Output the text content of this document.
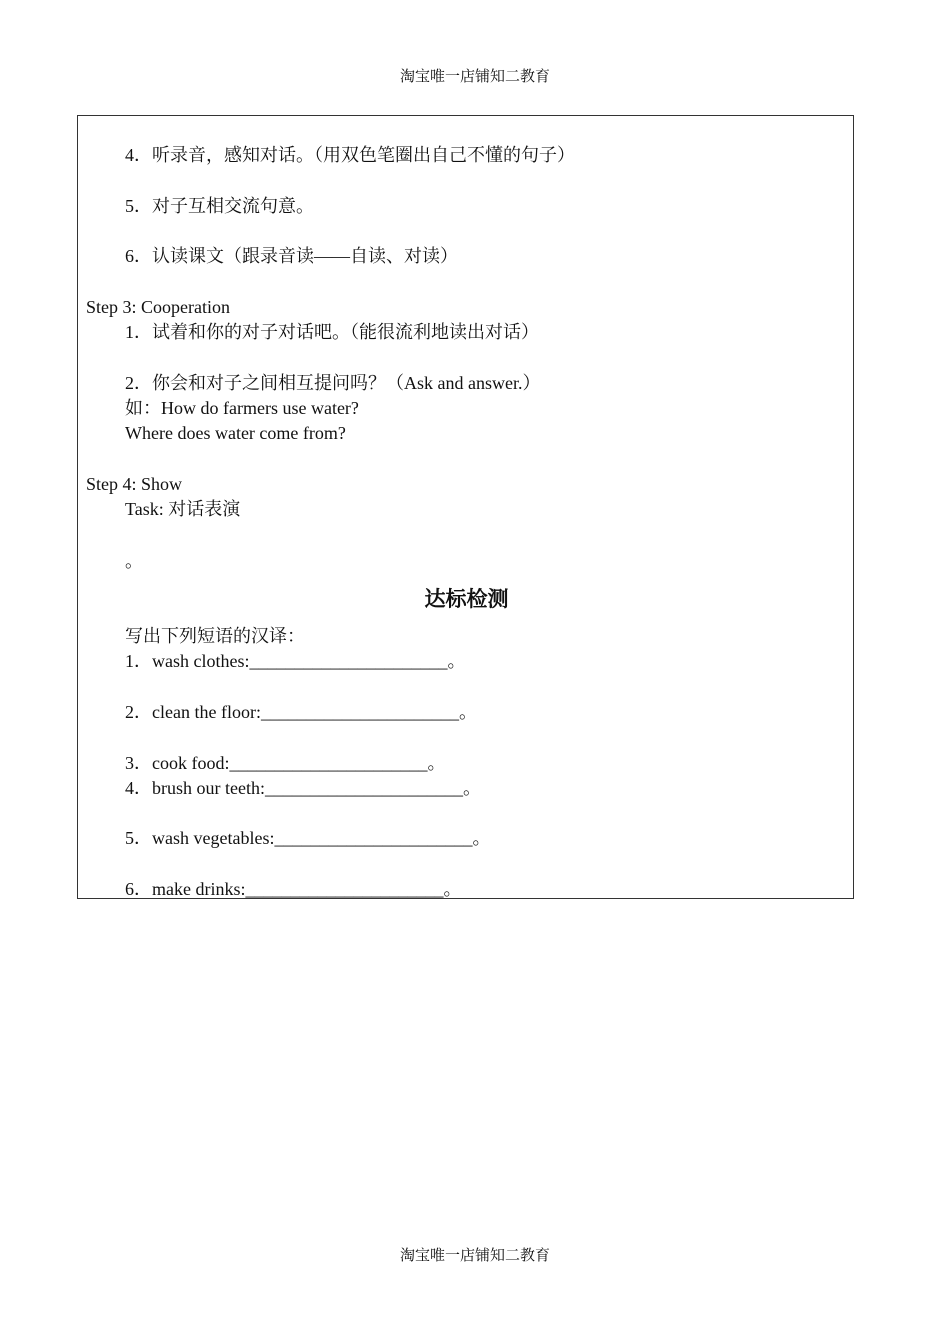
淘宝唯一店铺知二教育
4．听录音，感知对话。（用双色笔圈出自己不懂的句子）
5．对子互相交流句意。
6．认读课文（跟录音读——自读、对读）
Step 3: Cooperation
1．试着和你的对子对话吧。（能很流利地读出对话）
2．你会和对子之间相互提问吗？（Ask and answer.）
如：How do farmers use water?
Where does water come from?
Step 4: Show
Task: 对话表演
。
达标检测
写出下列短语的汉译：
1．wash clothes:______________________。
2．clean the floor:______________________。
3．cook food:______________________。
4．brush our teeth:______________________。
5．wash vegetables:______________________。
6．make drinks:______________________。
淘宝唯一店铺知二教育
